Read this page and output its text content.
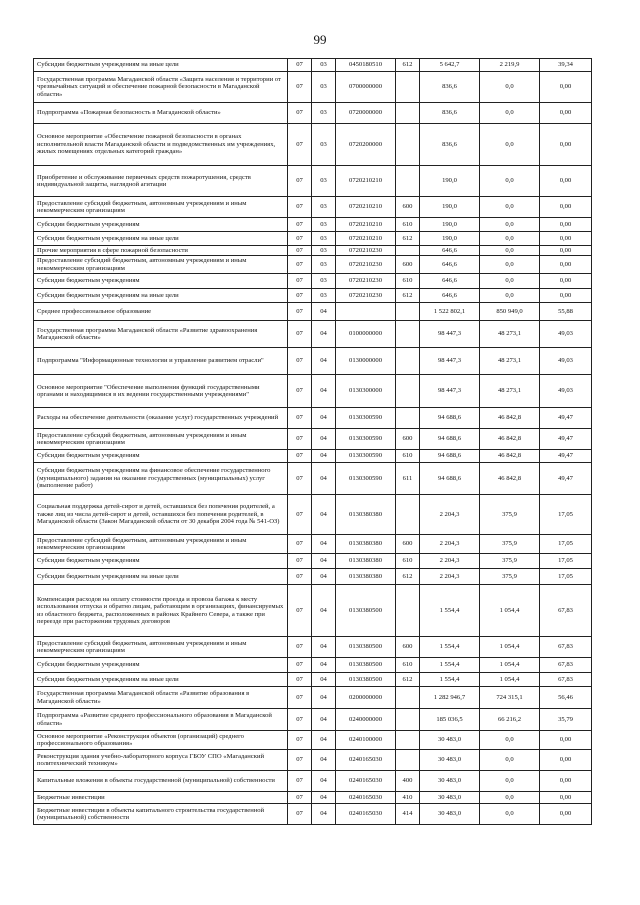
99
Субсидии бюджетным учреждениям на иные цели	07	03	0450180510	612	5 642,7	2 219,9	39,34
Государственная программа Магаданской области «Защита населения и территории от чрезвычайных ситуаций и обеспечение пожарной безопасности в Магаданской области»	07	03	0700000000		836,6	0,0	0,00
Подпрограмма «Пожарная безопасность в Магаданской области»	07	03	0720000000		836,6	0,0	0,00
Основное мероприятие «Обеспечение пожарной безопасности в органах исполнительной власти Магаданской области и подведомственных им учреждениях, жилых помещениях отдельных категорий граждан»	07	03	0720200000		836,6	0,0	0,00
Приобретение и обслуживание первичных средств пожаротушения, средств индивидуальной защиты, наглядной агитации	07	03	0720210210		190,0	0,0	0,00
Предоставление субсидий бюджетным, автономным учреждениям и иным некоммерческим организациям	07	03	0720210210	600	190,0	0,0	0,00
Субсидии бюджетным учреждениям	07	03	0720210210	610	190,0	0,0	0,00
Субсидии бюджетным учреждениям на иные цели	07	03	0720210210	612	190,0	0,0	0,00
Прочие мероприятия в сфере пожарной безопасности	07	03	0720210230		646,6	0,0	0,00
Предоставление субсидий бюджетным, автономным учреждениям и иным некоммерческим организациям	07	03	0720210230	600	646,6	0,0	0,00
Субсидии бюджетным учреждениям	07	03	0720210230	610	646,6	0,0	0,00
Субсидии бюджетным учреждениям на иные цели	07	03	0720210230	612	646,6	0,0	0,00
Среднее профессиональное образование	07	04			1 522 802,1	850 949,0	55,88
Государственная программа Магаданской области «Развитие здравоохранения Магаданской области»	07	04	0100000000		98 447,3	48 273,1	49,03
Подпрограмма "Информационные технологии и управление развитием отрасли"	07	04	0130000000		98 447,3	48 273,1	49,03
Основное мероприятие "Обеспечение выполнения функций государственными органами и находящимися в их ведении государственными учреждениями"	07	04	0130300000		98 447,3	48 273,1	49,03
Расходы на обеспечение деятельности (оказание услуг) государственных учреждений	07	04	0130300590		94 688,6	46 842,8	49,47
Предоставление субсидий бюджетным, автономным учреждениям и иным некоммерческим организациям	07	04	0130300590	600	94 688,6	46 842,8	49,47
Субсидии бюджетным учреждениям	07	04	0130300590	610	94 688,6	46 842,8	49,47
Субсидии бюджетным учреждениям на финансовое обеспечение государственного (муниципального) задания на оказание государственных (муниципальных) услуг (выполнение работ)	07	04	0130300590	611	94 688,6	46 842,8	49,47
Социальная поддержка детей-сирот и детей, оставшихся без попечения родителей, а также лиц из числа детей-сирот и детей, оставшихся без попечения родителей, в Магаданской области (Закон Магаданской области от 30 декабря 2004 года № 541-ОЗ)	07	04	0130380380		2 204,3	375,9	17,05
Предоставление субсидий бюджетным, автономным учреждениям и иным некоммерческим организациям	07	04	0130380380	600	2 204,3	375,9	17,05
Субсидии бюджетным учреждениям	07	04	0130380380	610	2 204,3	375,9	17,05
Субсидии бюджетным учреждениям на иные цели	07	04	0130380380	612	2 204,3	375,9	17,05
Компенсация расходов на оплату стоимости проезда и провоза багажа к месту использования отпуска и обратно лицам, работающим в организациях, финансируемых из областного бюджета, расположенных в районах Крайнего Севера, а также при переезде при расторжении трудовых договоров	07	04	0130380500		1 554,4	1 054,4	67,83
Предоставление субсидий бюджетным, автономным учреждениям и иным некоммерческим организациям	07	04	0130380500	600	1 554,4	1 054,4	67,83
Субсидии бюджетным учреждениям	07	04	0130380500	610	1 554,4	1 054,4	67,83
Субсидии бюджетным учреждениям на иные цели	07	04	0130380500	612	1 554,4	1 054,4	67,83
Государственная программа Магаданской области «Развитие образования в Магаданской области»	07	04	0200000000		1 282 946,7	724 315,1	56,46
Подпрограмма «Развитие среднего профессионального образования в Магаданской области»	07	04	0240000000		185 036,5	66 216,2	35,79
Основное мероприятие «Реконструкция объектов (организаций) среднего профессионального образования»	07	04	0240100000		30 483,0	0,0	0,00
Реконструкция здания учебно-лабораторного корпуса ГБОУ СПО «Магаданский политехнический техникум»	07	04	0240165030		30 483,0	0,0	0,00
Капитальные вложения в объекты государственной (муниципальной) собственности	07	04	0240165030	400	30 483,0	0,0	0,00
Бюджетные инвестиции	07	04	0240165030	410	30 483,0	0,0	0,00
Бюджетные инвестиции в объекты капитального строительства государственной (муниципальной) собственности	07	04	0240165030	414	30 483,0	0,0	0,00
